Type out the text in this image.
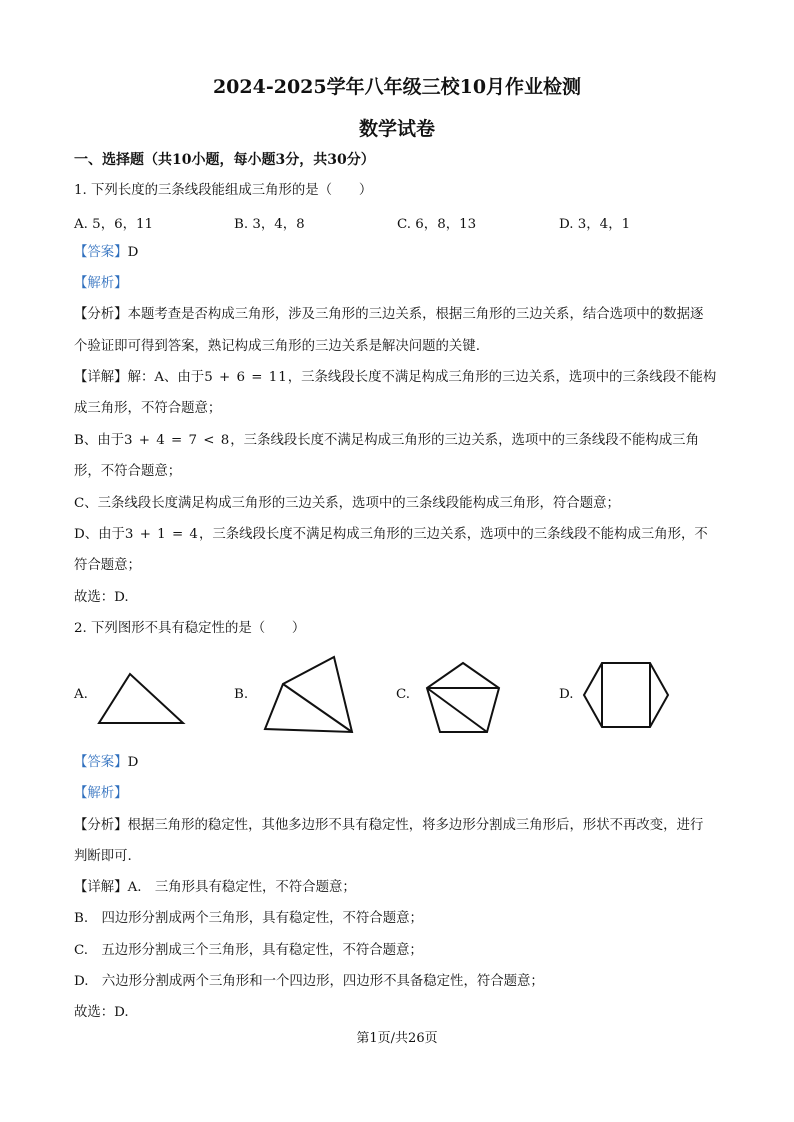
2024-2025学年八年级三校10月作业检测
数学试卷
一、选择题（共10小题，每小题3分，共30分）
1. 下列长度的三条线段能组成三角形的是（　　）
A. 5，6，11	B. 3，4，8	C. 6，8，13	D. 3，4，1
【答案】D
【解析】
【分析】本题考查是否构成三角形，涉及三角形的三边关系，根据三角形的三边关系，结合选项中的数据逐
个验证即可得到答案，熟记构成三角形的三边关系是解决问题的关键.
【详解】解：A、由于5 + 6 = 11，三条线段长度不满足构成三角形的三边关系，选项中的三条线段不能构
成三角形，不符合题意；
B、由于3 + 4 = 7 < 8，三条线段长度不满足构成三角形的三边关系，选项中的三条线段不能构成三角
形，不符合题意；
C、三条线段长度满足构成三角形的三边关系，选项中的三条线段能构成三角形，符合题意；
D、由于3 + 1 = 4，三条线段长度不满足构成三角形的三边关系，选项中的三条线段不能构成三角形，不
符合题意；
故选：D.
2. 下列图形不具有稳定性的是（　　）
A.	B.	C.	D.
【答案】D
【解析】
【分析】根据三角形的稳定性，其他多边形不具有稳定性，将多边形分割成三角形后，形状不再改变，进行
判断即可.
【详解】A.　三角形具有稳定性，不符合题意；
B.　四边形分割成两个三角形，具有稳定性，不符合题意；
C.　五边形分割成三个三角形，具有稳定性，不符合题意；
D.　六边形分割成两个三角形和一个四边形，四边形不具备稳定性，符合题意；
故选：D.
第1页/共26页
